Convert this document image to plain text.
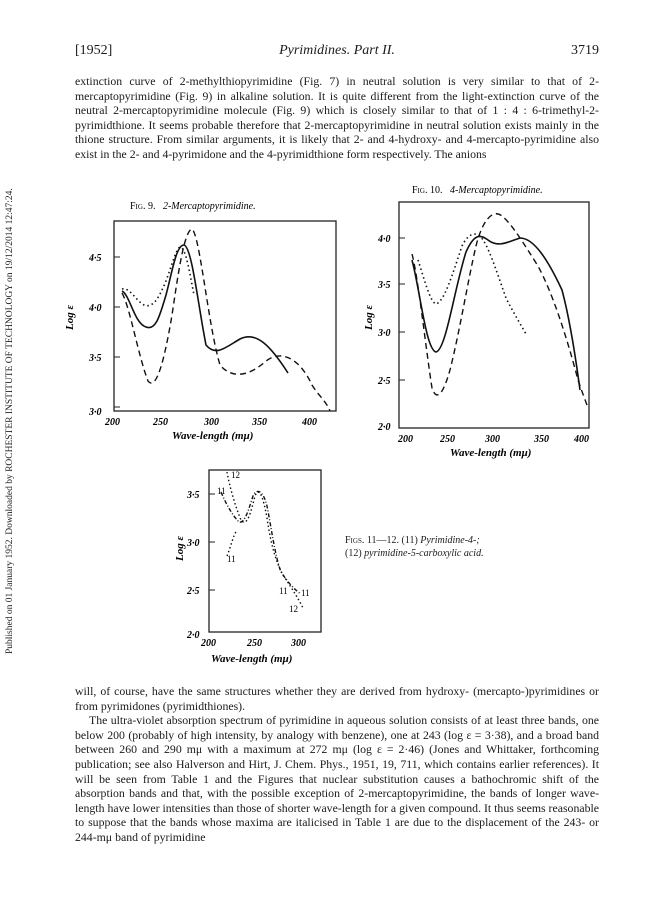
Published on 01 January 1952. Downloaded by ROCHESTER INSTITUTE OF TECHNOLOGY on 19/12/2014 12:47:24.
[1952]	Pyrimidines. Part II.	3719

extinction curve of 2-methylthiopyrimidine (Fig. 7) in neutral solution is very similar to that of 2-mercaptopyrimidine (Fig. 9) in alkaline solution. It is quite different from the light-extinction curve of the neutral 2-mercaptopyrimidine molecule (Fig. 9) which is closely similar to that of 1 : 4 : 6-trimethyl-2-pyrimidthione. It seems probable therefore that 2-mercaptopyrimidine in neutral solution exists mainly in the thione structure. From similar arguments, it is likely that 2- and 4-hydroxy- and 4-mercapto-pyrimidine also exist in the 2- and 4-pyrimidone and the 4-pyrimidthione form respectively. The anions

Fig. 9. 2-Mercaptopyrimidine.
4·5
4·0
3·5
3·0
Log ε
200	250	300	350	400
Wave-length (mμ)
Fig. 10. 4-Mercaptopyrimidine.
4·0
3·5
3·0
2·5
2·0
Log ε
200	250	300	350	400
Wave-length (mμ)
3·5
3·0
2·5
2·0
Log ε
200	250	300
Wave-length (mμ)
12
11
11
11 11
12
Figs. 11—12. (11) Pyrimidine-4-;
(12) pyrimidine-5-carboxylic acid.

will, of course, have the same structures whether they are derived from hydroxy- (mercapto-)pyrimidines or from pyrimidones (pyrimidthiones).

The ultra-violet absorption spectrum of pyrimidine in aqueous solution consists of at least three bands, one below 200 (probably of high intensity, by analogy with benzene), one at 243 (log ε = 3·38), and a broad band between 260 and 290 mμ with a maximum at 272 mμ (log ε = 2·46) (Jones and Whittaker, forthcoming publication; see also Halverson and Hirt, J. Chem. Phys., 1951, 19, 711, which contains earlier references). It will be seen from Table 1 and the Figures that nuclear substitution causes a bathochromic shift of the absorption bands and that, with the possible exception of 2-mercaptopyrimidine, the bands of longer wave-length have lower intensities than those of shorter wave-length for a given compound. It thus seems reasonable to suppose that the bands whose maxima are italicised in Table 1 are due to the displacement of the 243- or 244-mμ band of pyrimidine
